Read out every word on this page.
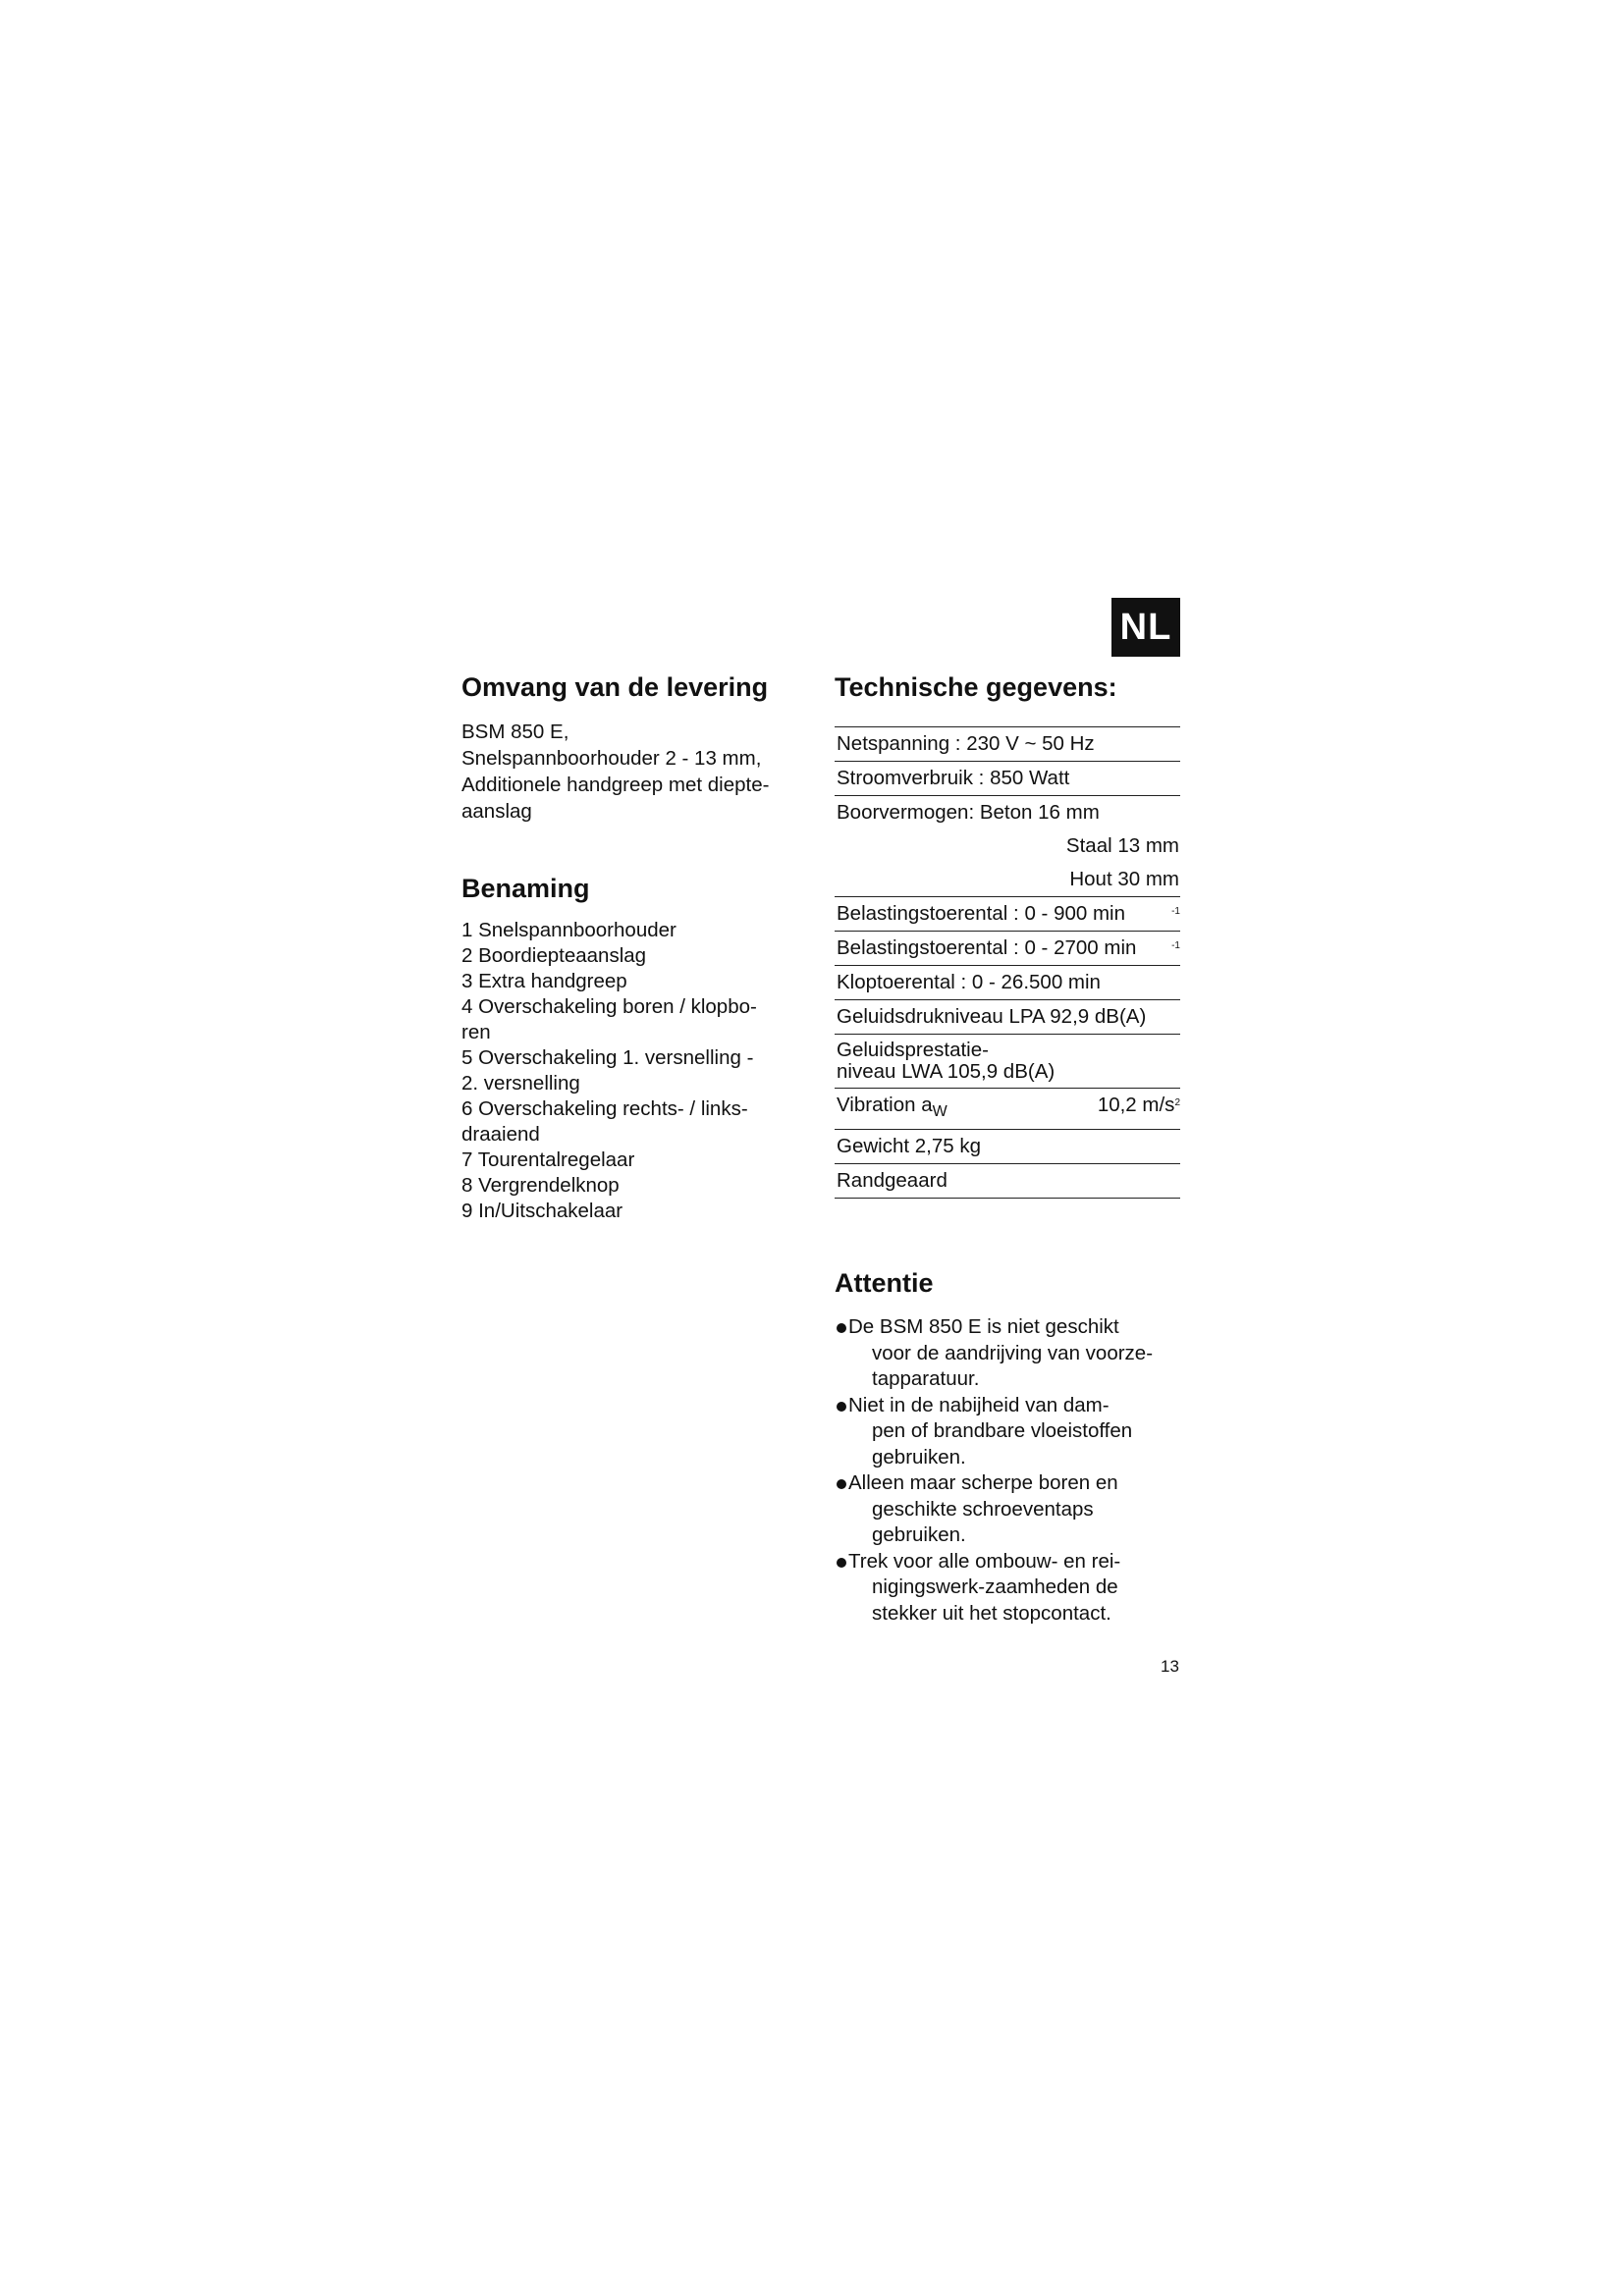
NL
Omvang van de levering
BSM 850 E,
Snelspannboorhouder 2 - 13 mm,
Additionele handgreep met diepte-
aanslag
Benaming
1 Snelspannboorhouder
2 Boordiepteaanslag
3 Extra handgreep
4 Overschakeling boren / klopbo-
ren
5 Overschakeling 1. versnelling -
2. versnelling
6 Overschakeling rechts- / links-
draaiend
7 Tourentalregelaar
8 Vergrendelknop
9 In/Uitschakelaar
Technische gegevens:
Netspanning : 230 V ~ 50 Hz
Stroomverbruik : 850 Watt
Boorvermogen: Beton 16 mm
Staal 13 mm
Hout 30 mm
Belastingstoerental : 0 - 900 min	-1
Belastingstoerental : 0 - 2700 min	-1
Kloptoerental : 0 - 26.500 min
Geluidsdrukniveau LPA 92,9 dB(A)
Geluidsprestatie-
niveau LWA 105,9 dB(A)
Vibration $a_W$	10,2 $m/s^2$
Gewicht 2,75 kg
Randgeaard
Attentie
De BSM 850 E is niet geschikt
voor de aandrijving van voorze-
tapparatuur.
Niet in de nabijheid van dam-
pen of brandbare vloeistoffen
gebruiken.
Alleen maar scherpe boren en
geschikte schroeventaps
gebruiken.
Trek voor alle ombouw- en rei-
nigingswerk-zaamheden de
stekker uit het stopcontact.
13
